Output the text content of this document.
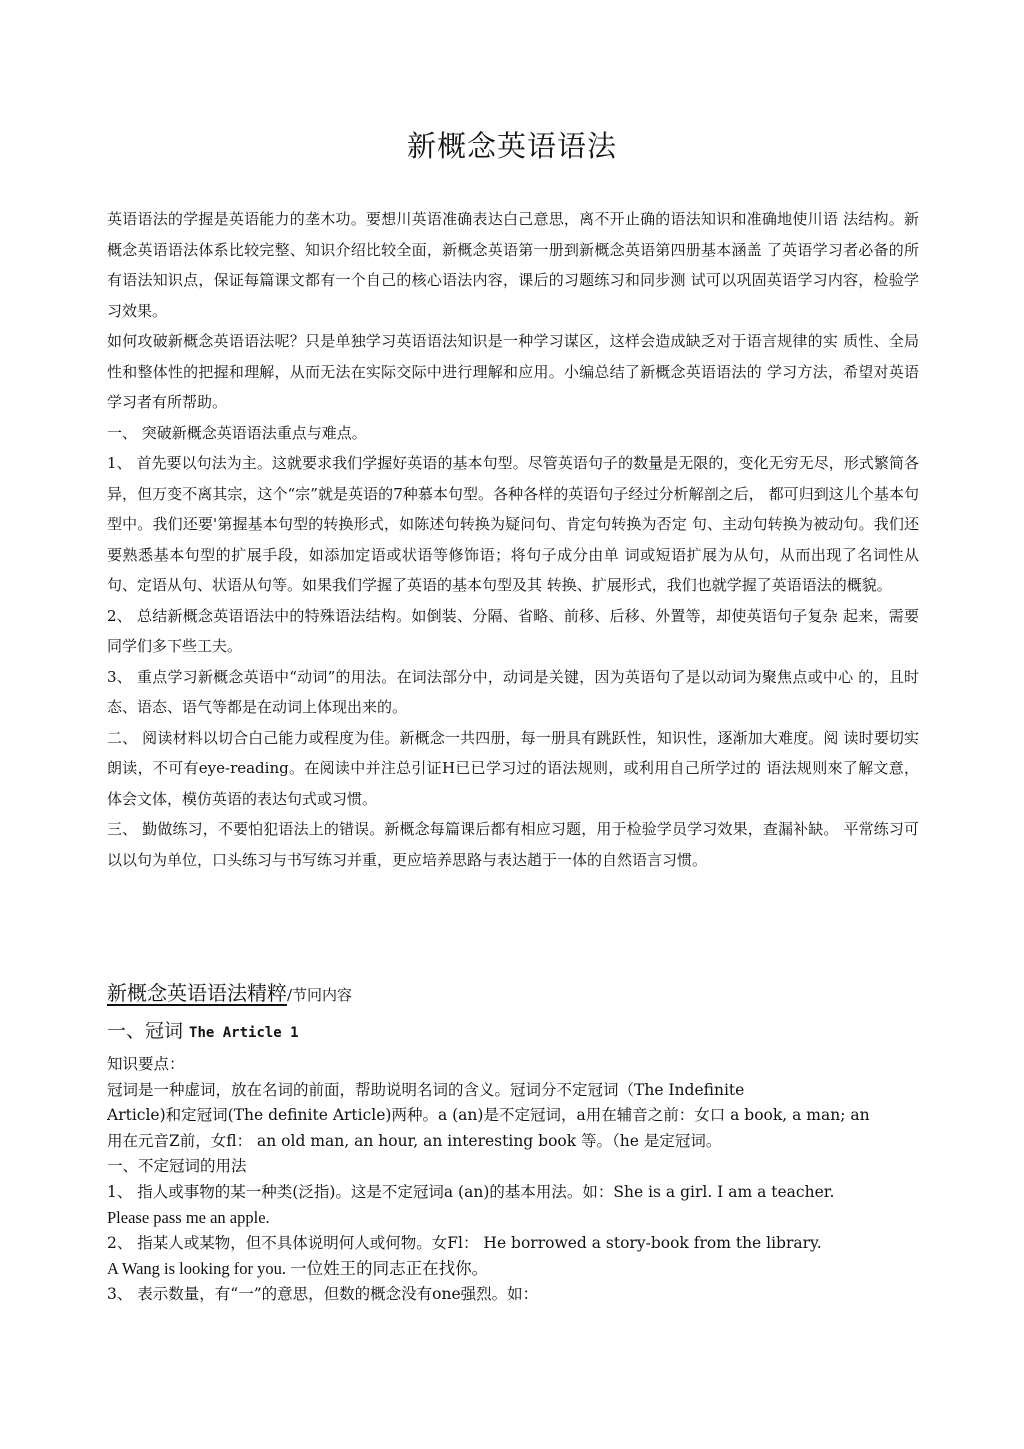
新概念英语语法

英语语法的学握是英语能力的垄木功。要想川英语准确表达白己意思，离不开止确的语法知识和准确地使川语 法结构。新概念英语语法体系比较完整、知识介绍比较全面，新概念英语第一册到新概念英语第四册基本涵盖 了英语学习者必备的所有语法知识点，保证每篇课文都有一个自己的核心语法内容，课后的习题练习和同步测 试可以巩固英语学习内容，检验学习效果。

如何攻破新概念英语语法呢？只是单独学习英语语法知识是一种学习谋区，这样会造成缺乏对于语言规律的实 质性、全局性和整体性的把握和理解，从而无法在实际交际中进行理解和应用。小编总结了新概念英语语法的 学习方法，希望对英语学习者有所帮助。

一、 突破新概念英语语法重点与难点。

1、 首先要以句法为主。这就要求我们学握好英语的基本句型。尽管英语句子的数量是无限的，变化无穷无尽，形式繁简各异，但万变不离其宗，这个“宗”就是英语的7种慕本句型。各种各样的英语句子经过分析解剖之后， 都可归到这儿个基本句型中。我们还要'第握基本句型的转换形式，如陈述句转换为疑问句、肯定句转换为否定 句、主动句转换为被动句。我们还要熟悉基本句型的扩展手段，如添加定语或状语等修饰语；将句子成分由单 词或短语扩展为从句，从而出现了名词性从句、定语从句、状语从句等。如果我们学握了英语的基本句型及其 转换、扩展形式，我们也就学握了英语语法的概貌。

2、 总结新概念英语语法中的特殊语法结构。如倒装、分隔、省略、前移、后移、外置等，却使英语句子复杂 起来，需要同学们多下些工夫。

3、 重点学习新概念英语中“动词”的用法。在词法部分中，动词是关键，因为英语句了是以动词为聚焦点或中心 的，且时态、语态、语气等都是在动词上体现出来的。

二、 阅读材料以切合白己能力或程度为佳。新概念一共四册，每一册具有跳跃性，知识性，逐渐加大难度。阅 读时要切实朗读，不可有eye-reading。在阅读中并注总引证H已已学习过的语法规则，或利用自己所学过的 语法规则來了解文意，体会文体，模仿英语的表达句式或习惯。

三、 勤做练习，不要怕犯语法上的错误。新概念每篇课后都有相应习题，用于检验学员学习效果，查漏补缺。 平常练习可以以句为单位，口头练习与书写练习并重，更应培养思路与表达趙于一体的自然语言习惯。

新概念英语语法精粹/节冋内容
一、冠词 The Article 1
知识要点：
冠词是一种虚词，放在名词的前面，帮助说明名词的含义。冠词分不定冠词（The Indefinite
Article)和定冠词(The definite Article)两种。a (an)是不定冠词，a用在辅音之前：女口 a book, a man; an
用在元音Z前，女fl： an old man, an hour, an interesting book 等。（he 是定冠词。
一、不定冠词的用法
1、 指人或事物的某一种类(泛指)。这是不定冠词a (an)的基本用法。如：She is a girl. I am a teacher.
Please pass me an apple.
2、 指某人或某物，但不具体说明何人或何物。女Fl： He borrowed a story-book from the library.
A Wang is looking for you. 一位姓王的同志正在找你。
3、 表示数量，有“一”的意思，但数的概念没有one强烈。如：
